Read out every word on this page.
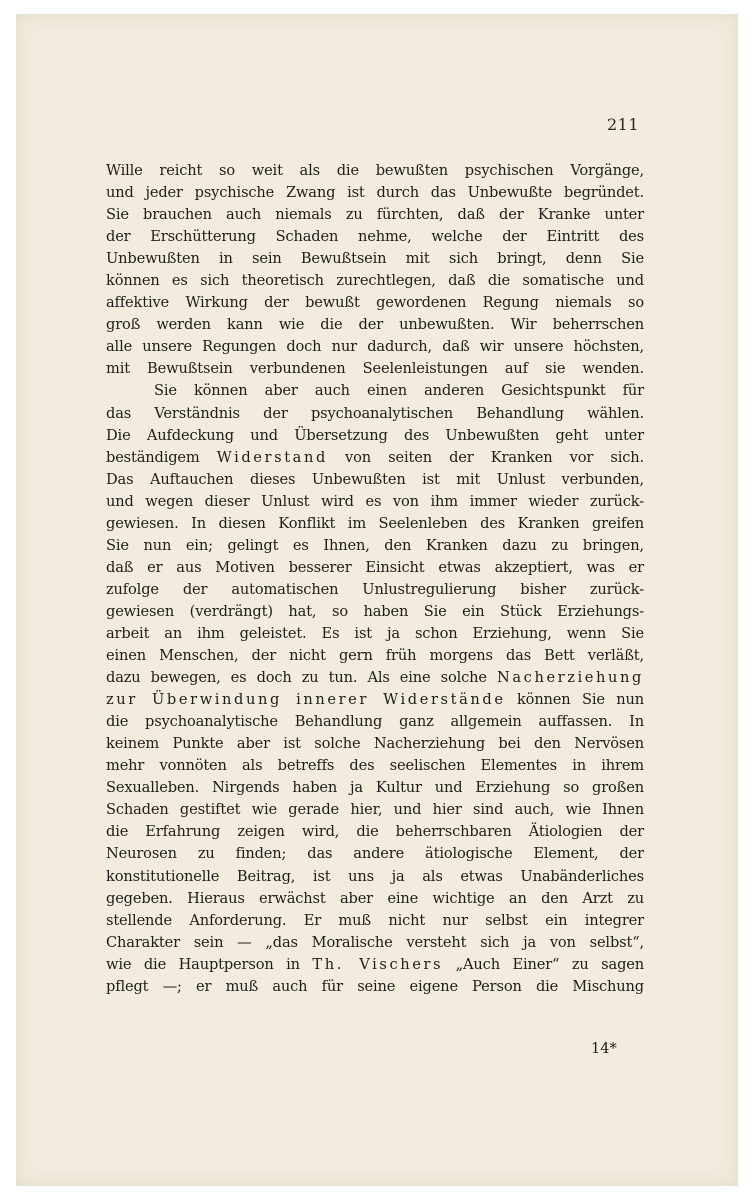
211
Wille reicht so weit als die bewußten psychischen Vorgänge,
und jeder psychische Zwang ist durch das Unbewußte begründet.
Sie brauchen auch niemals zu fürchten, daß der Kranke unter
der Erschütterung Schaden nehme, welche der Eintritt des
Unbewußten in sein Bewußtsein mit sich bringt, denn Sie
können es sich theoretisch zurechtlegen, daß die somatische und
affektive Wirkung der bewußt gewordenen Regung niemals so
groß werden kann wie die der unbewußten. Wir beherrschen
alle unsere Regungen doch nur dadurch, daß wir unsere höchsten,
mit Bewußtsein verbundenen Seelenleistungen auf sie wenden.
Sie können aber auch einen anderen Gesichtspunkt für
das Verständnis der psychoanalytischen Behandlung wählen.
Die Aufdeckung und Übersetzung des Unbewußten geht unter
beständigem Widerstand von seiten der Kranken vor sich.
Das Auftauchen dieses Unbewußten ist mit Unlust verbunden,
und wegen dieser Unlust wird es von ihm immer wieder zurück-
gewiesen. In diesen Konflikt im Seelenleben des Kranken greifen
Sie nun ein; gelingt es Ihnen, den Kranken dazu zu bringen,
daß er aus Motiven besserer Einsicht etwas akzeptiert, was er
zufolge der automatischen Unlustregulierung bisher zurück-
gewiesen (verdrängt) hat, so haben Sie ein Stück Erziehungs-
arbeit an ihm geleistet. Es ist ja schon Erziehung, wenn Sie
einen Menschen, der nicht gern früh morgens das Bett verläßt,
dazu bewegen, es doch zu tun. Als eine solche Nacherziehung
zur Überwindung innerer Widerstände können Sie nun
die psychoanalytische Behandlung ganz allgemein auffassen. In
keinem Punkte aber ist solche Nacherziehung bei den Nervösen
mehr vonnöten als betreffs des seelischen Elementes in ihrem
Sexualleben. Nirgends haben ja Kultur und Erziehung so großen
Schaden gestiftet wie gerade hier, und hier sind auch, wie Ihnen
die Erfahrung zeigen wird, die beherrschbaren Ätiologien der
Neurosen zu finden; das andere ätiologische Element, der
konstitutionelle Beitrag, ist uns ja als etwas Unabänderliches
gegeben. Hieraus erwächst aber eine wichtige an den Arzt zu
stellende Anforderung. Er muß nicht nur selbst ein integrer
Charakter sein — „das Moralische versteht sich ja von selbst“,
wie die Hauptperson in Th. Vischers „Auch Einer“ zu sagen
pflegt —; er muß auch für seine eigene Person die Mischung
14*
